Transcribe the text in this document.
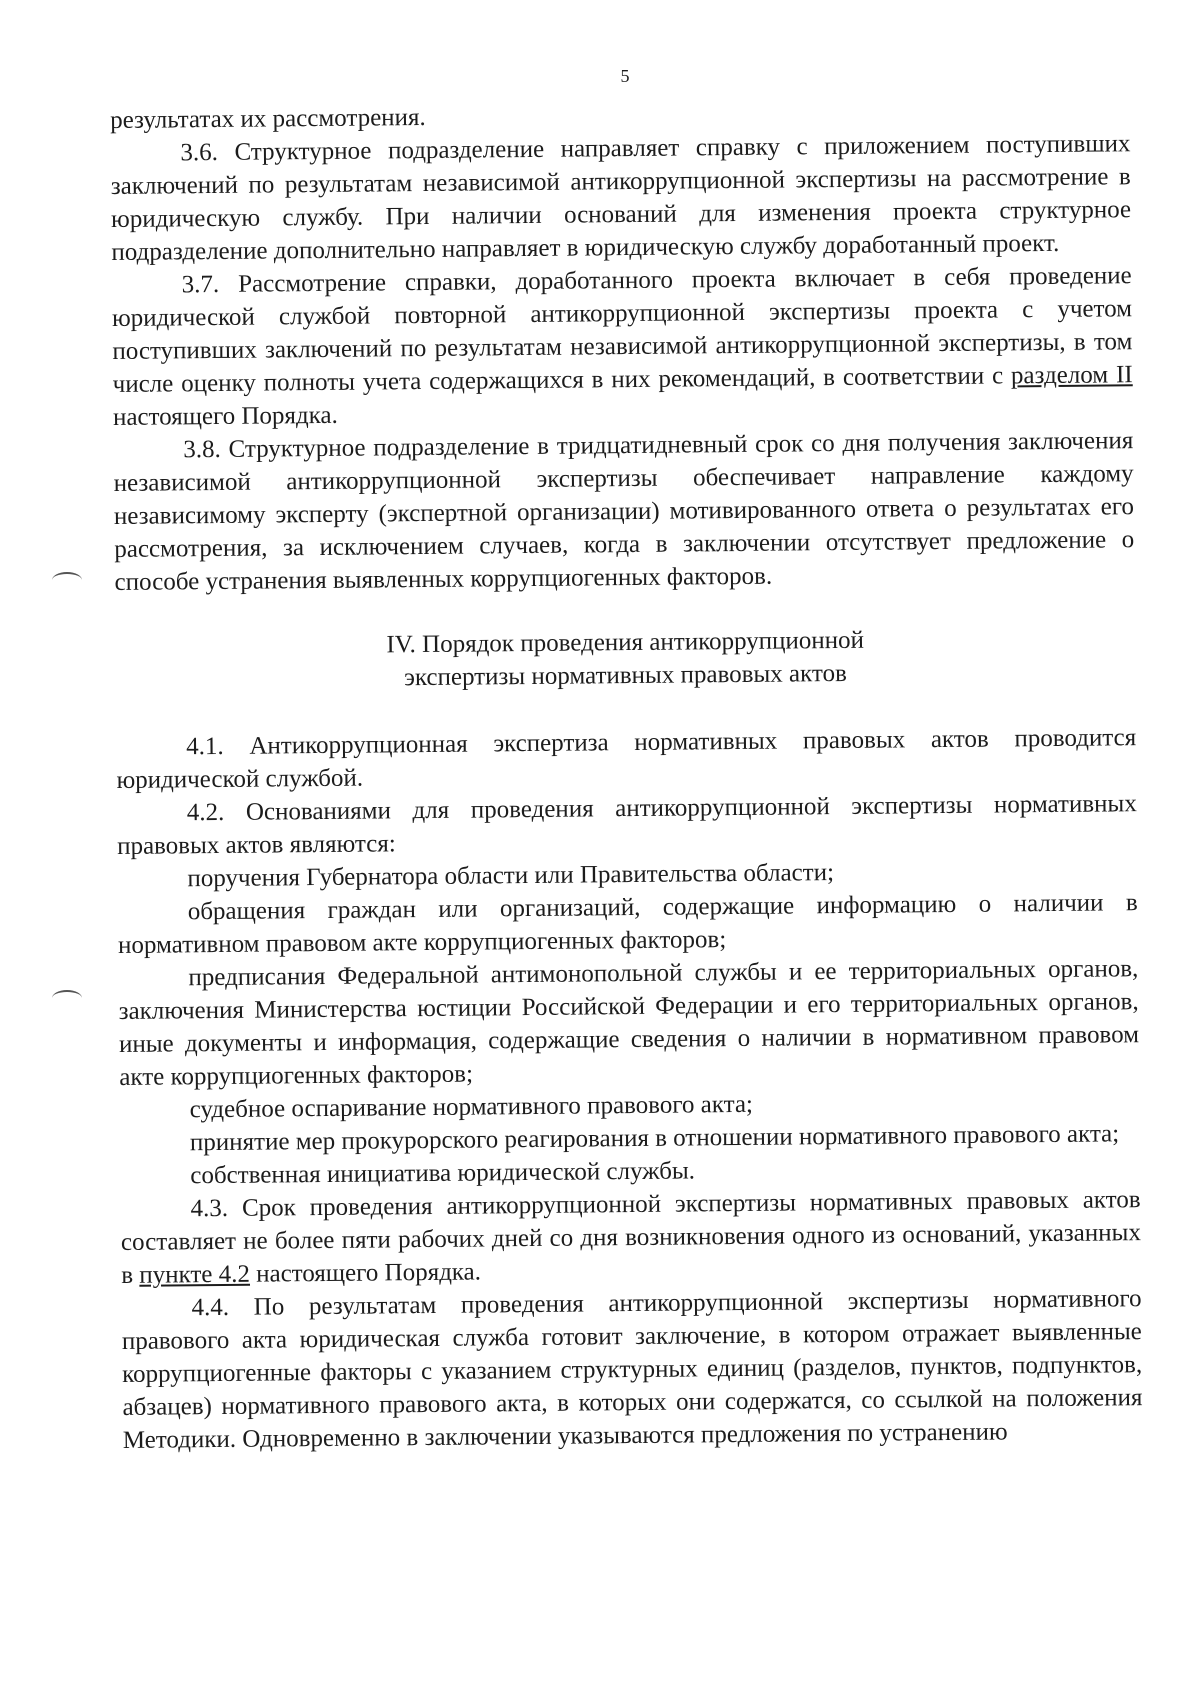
5

результатах их рассмотрения.

3.6. Структурное подразделение направляет справку с приложением поступивших заключений по результатам независимой антикоррупционной экспертизы на рассмотрение в юридическую службу. При наличии оснований для изменения проекта структурное подразделение дополнительно направляет в юридическую службу доработанный проект.

3.7. Рассмотрение справки, доработанного проекта включает в себя проведение юридической службой повторной антикоррупционной экспертизы проекта с учетом поступивших заключений по результатам независимой антикоррупционной экспертизы, в том числе оценку полноты учета содержащихся в них рекомендаций, в соответствии с разделом II настоящего Порядка.

3.8. Структурное подразделение в тридцатидневный срок со дня получения заключения независимой антикоррупционной экспертизы обеспечивает направление каждому независимому эксперту (экспертной организации) мотивированного ответа о результатах его рассмотрения, за исключением случаев, когда в заключении отсутствует предложение о способе устранения выявленных коррупциогенных факторов.

IV. Порядок проведения антикоррупционной
экспертизы нормативных правовых актов

4.1. Антикоррупционная экспертиза нормативных правовых актов проводится юридической службой.

4.2. Основаниями для проведения антикоррупционной экспертизы нормативных правовых актов являются:

поручения Губернатора области или Правительства области;

обращения граждан или организаций, содержащие информацию о наличии в нормативном правовом акте коррупциогенных факторов;

предписания Федеральной антимонопольной службы и ее территориальных органов, заключения Министерства юстиции Российской Федерации и его территориальных органов, иные документы и информация, содержащие сведения о наличии в нормативном правовом акте коррупциогенных факторов;

судебное оспаривание нормативного правового акта;

принятие мер прокурорского реагирования в отношении нормативного правового акта;

собственная инициатива юридической службы.

4.3. Срок проведения антикоррупционной экспертизы нормативных правовых актов составляет не более пяти рабочих дней со дня возникновения одного из оснований, указанных в пункте 4.2 настоящего Порядка.

4.4. По результатам проведения антикоррупционной экспертизы нормативного правового акта юридическая служба готовит заключение, в котором отражает выявленные коррупциогенные факторы с указанием структурных единиц (разделов, пунктов, подпунктов, абзацев) нормативного правового акта, в которых они содержатся, со ссылкой на положения Методики. Одновременно в заключении указываются предложения по устранению
